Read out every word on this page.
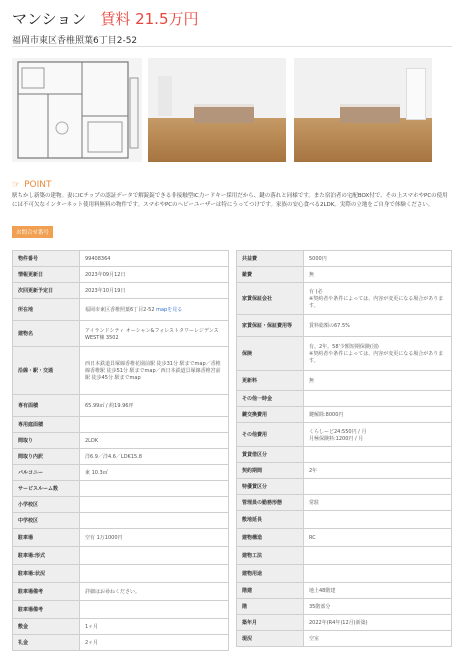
マンション 賃料 21.5万円
福岡市東区香椎照葉6丁目2-52
☞ POINT
駅ちかし新築の建物。妻にICチップの認証データで解錠錠できる非接触型IC力ードキー採用だから、鍵の落れと同様です。また宿泊者の宅配BOX付で、その上スマホやPCの使用には不可欠なインターネット使用料無料の物件です。スマホやPCのヘビーユーザーは特にうってつけです。家族の安心食べる2LDK。実際の立地をご自身で体験ください。
お問合せ番号
物件番号	99408364
情報更新日	2023年09月12日
次回更新予定日	2023年10月19日
所在地	福岡市東区香椎照葉6丁目2-52 mapを見る
建物名	アイランドシティ オーシャン&フォレストタワーレジデンス WEST棟 3502
沿線・駅・交通	西日本鉄道貝塚線香椎花園前駅 徒歩31分 駅までmap／香椎線香椎駅 徒歩51分 駅までmap／西日本鉄道貝塚線香椎宮前駅 徒歩45分 駅までmap
専有面積	65.99㎡ / 約19.96坪
専用庭面積	
間取り	2LDK
間取り内訳	洋6.9／洋4.6／LDK15.8
バルコニー	東 10.3㎡
サービスルーム数	
小学校区	
中学校区	
駐車場	空有 1万1000円
駐車場:形式	
駐車場:状況	
駐車場備考	詳細はお尋ねください。
駐車場備考	
敷金	1ヶ月
礼金	2ヶ月
共益費	5000円
雑費	無
家賃保証会社	有 (必
※契約者や条件によっては、内容が変更になる場合があります。
家賃保証・保証費用等	賃料総額の67.5%
保険	有。2年。58'少額短期保険(別)
※契約者や条件によっては、内容が変更になる場合があります。
更新料	無
その他一時金	
鍵交換費用	鍵解除:8000円
その他費用	くらしーど24:550円 / 月
月極保険料:1200円 / 月
賃貸借区分	
契約期間	2年
特優賃区分	
管理員の勤務形態	常駐
敷地延長	
建物構造	RC
建物工法	
建物用途	
階建	地上48階建
階	35階部分
築年月	2022年(R4年)12月(新築)
現況	空室
